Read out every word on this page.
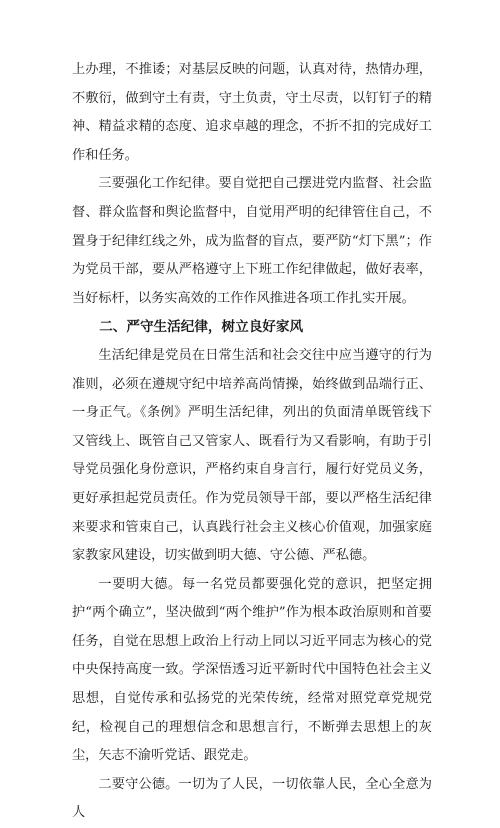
上办理，不推诿；对基层反映的问题，认真对待，热情办理，不敷衍，做到守土有责，守土负责，守土尽责，以钉钉子的精神、精益求精的态度、追求卓越的理念，不折不扣的完成好工作和任务。

三要强化工作纪律。要自觉把自己摆进党内监督、社会监督、群众监督和舆论监督中，自觉用严明的纪律管住自己，不置身于纪律红线之外，成为监督的盲点，要严防“灯下黑”；作为党员干部，要从严格遵守上下班工作纪律做起，做好表率，当好标杆，以务实高效的工作作风推进各项工作扎实开展。

二、严守生活纪律，树立良好家风

生活纪律是党员在日常生活和社会交往中应当遵守的行为准则，必须在遵规守纪中培养高尚情操，始终做到品端行正、一身正气。《条例》严明生活纪律，列出的负面清单既管线下又管线上、既管自己又管家人、既看行为又看影响，有助于引导党员强化身份意识，严格约束自身言行，履行好党员义务，更好承担起党员责任。作为党员领导干部，要以严格生活纪律来要求和管束自己，认真践行社会主义核心价值观，加强家庭家教家风建设，切实做到明大德、守公德、严私德。

一要明大德。每一名党员都要强化党的意识，把坚定拥护“两个确立”，坚决做到“两个维护”作为根本政治原则和首要任务，自觉在思想上政治上行动上同以习近平同志为核心的党中央保持高度一致。学深悟透习近平新时代中国特色社会主义思想，自觉传承和弘扬党的光荣传统，经常对照党章党规党纪，检视自己的理想信念和思想言行，不断弹去思想上的灰尘，矢志不渝听党话、跟党走。

二要守公德。一切为了人民，一切依靠人民，全心全意为人
